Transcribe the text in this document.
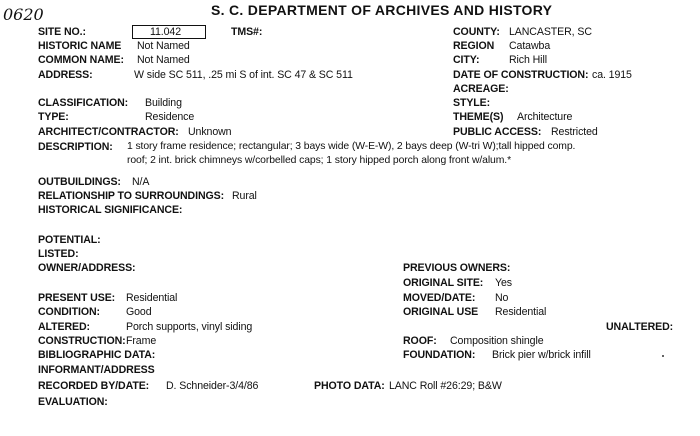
0620	S. C. DEPARTMENT OF ARCHIVES AND HISTORY
SITE NO.:	11.042	TMS#:	COUNTY: LANCASTER, SC
HISTORIC NAME Not Named	REGION Catawba
COMMON NAME: Not Named	CITY:	Rich Hill
ADDRESS:	W side SC 511, .25 mi S of int. SC 47 & SC 511	DATE OF CONSTRUCTION: ca. 1915
ACREAGE:
CLASSIFICATION: Building	STYLE:
TYPE:	Residence	THEME(S) Architecture
ARCHITECT/CONTRACTOR: Unknown	PUBLIC ACCESS: Restricted
DESCRIPTION: 1 story frame residence; rectangular; 3 bays wide (W-E-W), 2 bays deep (W-tri W);tall hipped comp.
roof; 2 int. brick chimneys w/corbelled caps; 1 story hipped porch along front w/alum.*
OUTBUILDINGS: N/A
RELATIONSHIP TO SURROUNDINGS: Rural
HISTORICAL SIGNIFICANCE:
POTENTIAL:
LISTED:
OWNER/ADDRESS:	PREVIOUS OWNERS:
ORIGINAL SITE: Yes
PRESENT USE: Residential	MOVED/DATE: No
CONDITION: Good	ORIGINAL USE Residential
ALTERED:	Porch supports, vinyl siding	UNALTERED:
CONSTRUCTION: Frame	ROOF: Composition shingle
BIBLIOGRAPHIC DATA:	FOUNDATION: Brick pier w/brick infill
INFORMANT/ADDRESS
RECORDED BY/DATE: D. Schneider-3/4/86	PHOTO DATA: LANC Roll #26:29; B&W
EVALUATION:
